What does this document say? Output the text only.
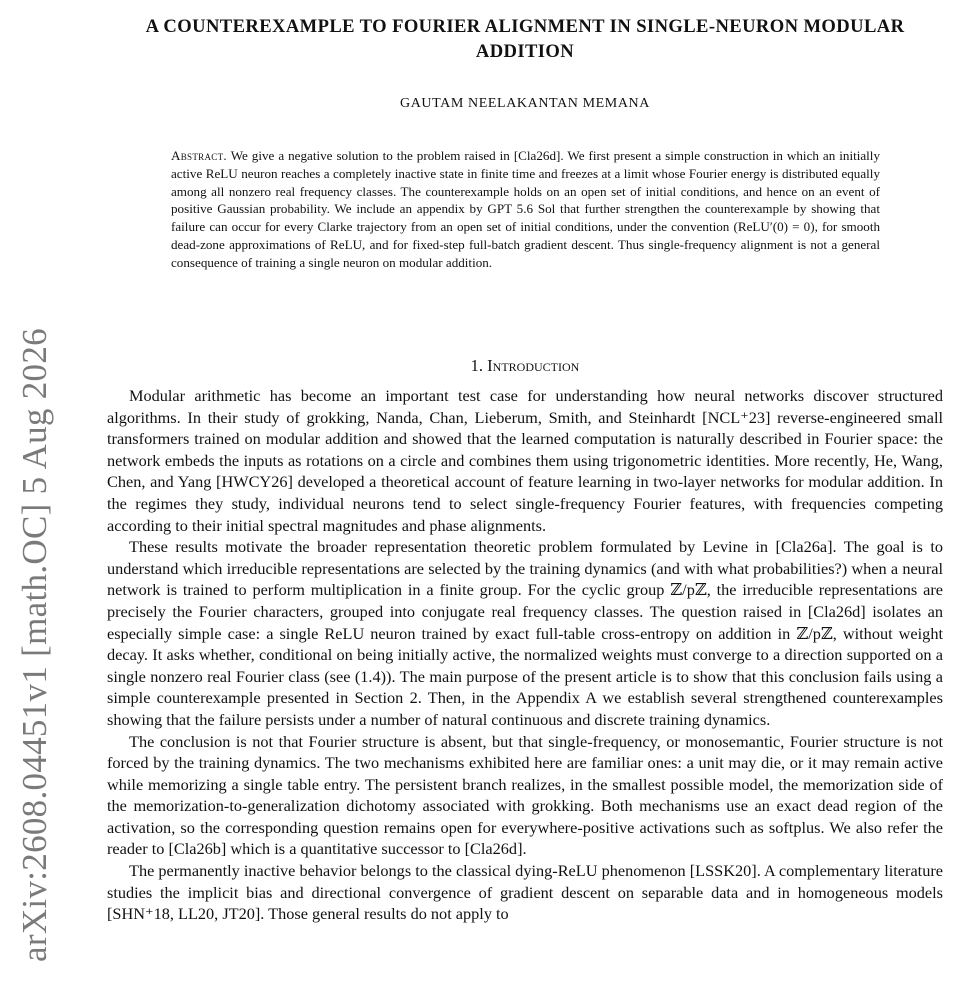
arXiv:2608.04451v1 [math.OC] 5 Aug 2026
A COUNTEREXAMPLE TO FOURIER ALIGNMENT IN SINGLE-NEURON MODULAR ADDITION
GAUTAM NEELAKANTAN MEMANA
Abstract. We give a negative solution to the problem raised in [Cla26d]. We first present a simple construction in which an initially active ReLU neuron reaches a completely inactive state in finite time and freezes at a limit whose Fourier energy is distributed equally among all nonzero real frequency classes. The counterexample holds on an open set of initial conditions, and hence on an event of positive Gaussian probability. We include an appendix by GPT 5.6 Sol that further strengthen the counterexample by showing that failure can occur for every Clarke trajectory from an open set of initial conditions, under the convention (ReLU′(0) = 0), for smooth dead-zone approximations of ReLU, and for fixed-step full-batch gradient descent. Thus single-frequency alignment is not a general consequence of training a single neuron on modular addition.
1. Introduction

Modular arithmetic has become an important test case for understanding how neural networks discover structured algorithms. In their study of grokking, Nanda, Chan, Lieberum, Smith, and Steinhardt [NCL⁺23] reverse-engineered small transformers trained on modular addition and showed that the learned computation is naturally described in Fourier space: the network embeds the inputs as rotations on a circle and combines them using trigonometric identities. More recently, He, Wang, Chen, and Yang [HWCY26] developed a theoretical account of feature learning in two-layer networks for modular addition. In the regimes they study, individual neurons tend to select single-frequency Fourier features, with frequencies competing according to their initial spectral magnitudes and phase alignments.

These results motivate the broader representation theoretic problem formulated by Levine in [Cla26a]. The goal is to understand which irreducible representations are selected by the training dynamics (and with what probabilities?) when a neural network is trained to perform multiplication in a finite group. For the cyclic group ℤ/pℤ, the irreducible representations are precisely the Fourier characters, grouped into conjugate real frequency classes. The question raised in [Cla26d] isolates an especially simple case: a single ReLU neuron trained by exact full-table cross-entropy on addition in ℤ/pℤ, without weight decay. It asks whether, conditional on being initially active, the normalized weights must converge to a direction supported on a single nonzero real Fourier class (see (1.4)). The main purpose of the present article is to show that this conclusion fails using a simple counterexample presented in Section 2. Then, in the Appendix A we establish several strengthened counterexamples showing that the failure persists under a number of natural continuous and discrete training dynamics.

The conclusion is not that Fourier structure is absent, but that single-frequency, or monosemantic, Fourier structure is not forced by the training dynamics. The two mechanisms exhibited here are familiar ones: a unit may die, or it may remain active while memorizing a single table entry. The persistent branch realizes, in the smallest possible model, the memorization side of the memorization-to-generalization dichotomy associated with grokking. Both mechanisms use an exact dead region of the activation, so the corresponding question remains open for everywhere-positive activations such as softplus. We also refer the reader to [Cla26b] which is a quantitative successor to [Cla26d].

The permanently inactive behavior belongs to the classical dying-ReLU phenomenon [LSSK20]. A complementary literature studies the implicit bias and directional convergence of gradient descent on separable data and in homogeneous models [SHN⁺18, LL20, JT20]. Those general results do not apply to
